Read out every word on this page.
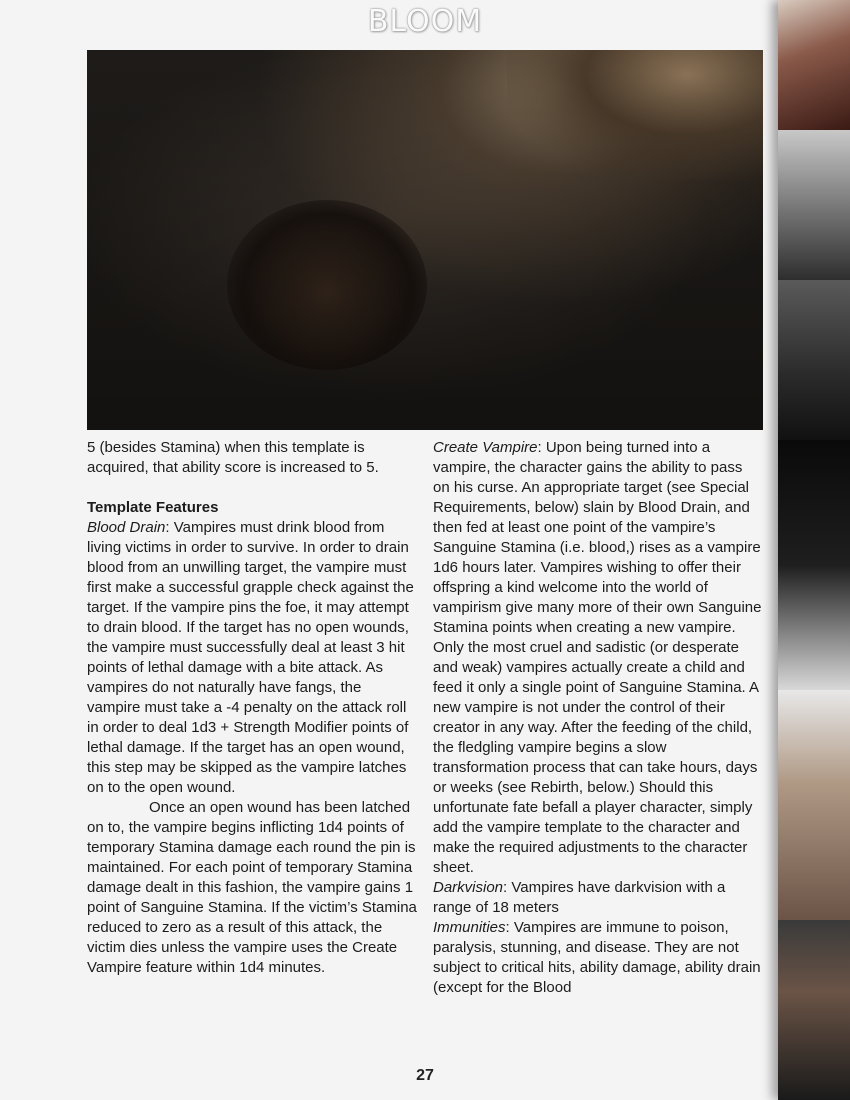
BLOOM

5 (besides Stamina) when this template is acquired, that ability score is increased to 5.

Template Features

Blood Drain: Vampires must drink blood from living victims in order to survive. In order to drain blood from an unwilling target, the vampire must first make a successful grapple check against the target. If the vampire pins the foe, it may attempt to drain blood. If the target has no open wounds, the vampire must successfully deal at least 3 hit points of lethal damage with a bite attack. As vampires do not naturally have fangs, the vampire must take a -4 penalty on the attack roll in order to deal 1d3 + Strength Modifier points of lethal damage. If the target has an open wound, this step may be skipped as the vampire latches on to the open wound.

Once an open wound has been latched on to, the vampire begins inflicting 1d4 points of temporary Stamina damage each round the pin is maintained. For each point of temporary Stamina damage dealt in this fashion, the vampire gains 1 point of Sanguine Stamina. If the victim’s Stamina reduced to zero as a result of this attack, the victim dies unless the vampire uses the Create Vampire feature within 1d4 minutes.

Create Vampire: Upon being turned into a vampire, the character gains the ability to pass on his curse. An appropriate target (see Special Requirements, below) slain by Blood Drain, and then fed at least one point of the vampire’s Sanguine Stamina (i.e. blood,) rises as a vampire 1d6 hours later. Vampires wishing to offer their offspring a kind welcome into the world of vampirism give many more of their own Sanguine Stamina points when creating a new vampire. Only the most cruel and sadistic (or desperate and weak) vampires actually create a child and feed it only a single point of Sanguine Stamina. A new vampire is not under the control of their creator in any way. After the feeding of the child, the fledgling vampire begins a slow transformation process that can take hours, days or weeks (see Rebirth, below.) Should this unfortunate fate befall a player character, simply add the vampire template to the character and make the required adjustments to the character sheet.

Darkvision: Vampires have darkvision with a range of 18 meters

Immunities: Vampires are immune to poison, paralysis, stunning, and disease. They are not subject to critical hits, ability damage, ability drain (except for the Blood

27
